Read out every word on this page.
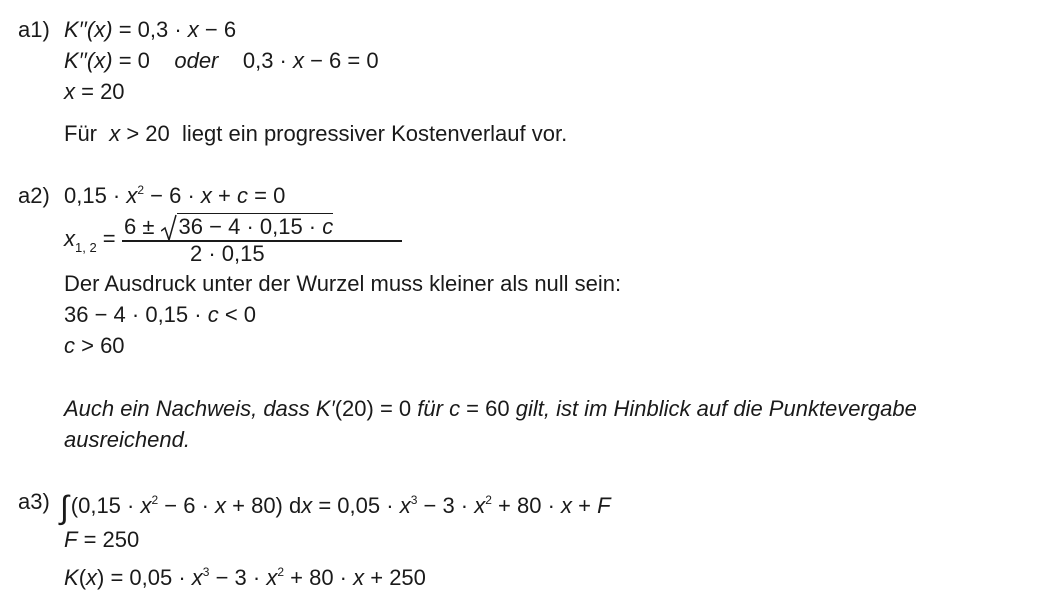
a1) K′′(x) = 0,3 · x − 6
K′′(x) = 0    oder    0,3 · x − 6 = 0
x = 20
Für  x > 20  liegt ein progressiver Kostenverlauf vor.
a2) $0,15 \cdot x^2 - 6 \cdot x + c = 0$
$x_{1, 2} = 6$ ±
36 − 4 · 0,15 · c
2 · 0,15
Der Ausdruck unter der Wurzel muss kleiner als null sein:
36 − 4 · 0,15 · c < 0
c > 60
Auch ein Nachweis, dass K′(20) = 0 für c = 60 gilt, ist im Hinblick auf die Punktevergabe
ausreichend.
a3) $\int(0,15 \cdot x^2 - 6 \cdot x + 80)$ dx = $0,05 \cdot x^3 - 3 \cdot x^2 + 80 \cdot x + F$
F = 250
$K(x) = 0,05 \cdot x^3 - 3 \cdot x^2 + 80 \cdot x + 250$
